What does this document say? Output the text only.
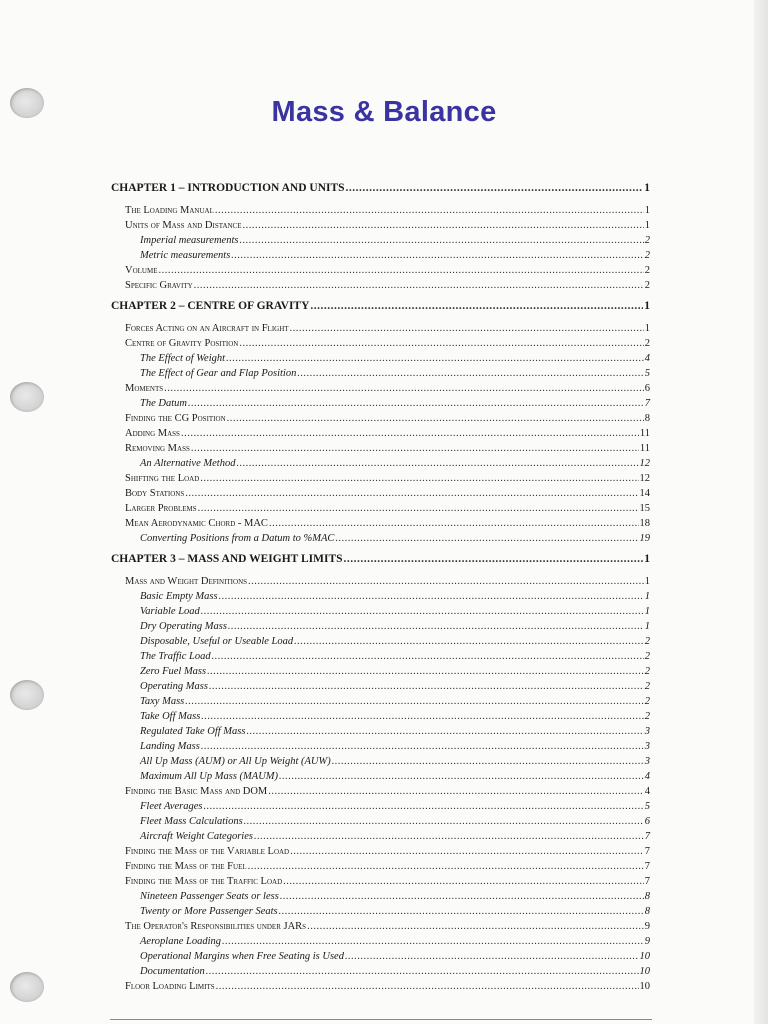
Mass & Balance
CHAPTER 1 – INTRODUCTION AND UNITS .....	1
The Loading Manual .....	1
Units of Mass and Distance .....	1
Imperial measurements .....	2
Metric measurements .....	2
Volume .....	2
Specific Gravity .....	2
CHAPTER 2 – CENTRE OF GRAVITY .....	1
Forces Acting on an Aircraft in Flight .....	1
Centre of Gravity Position .....	2
The Effect of Weight .....	4
The Effect of Gear and Flap Position .....	5
Moments .....	6
The Datum .....	7
Finding the CG Position .....	8
Adding Mass .....	11
Removing Mass .....	11
An Alternative Method .....	12
Shifting the Load .....	12
Body Stations .....	14
Larger Problems .....	15
Mean Aerodynamic Chord - MAC .....	18
Converting Positions from a Datum to %MAC .....	19
CHAPTER 3 – MASS AND WEIGHT LIMITS .....	1
Mass and Weight Definitions .....	1
Basic Empty Mass .....	1
Variable Load .....	1
Dry Operating Mass .....	1
Disposable, Useful or Useable Load .....	2
The Traffic Load .....	2
Zero Fuel Mass .....	2
Operating Mass .....	2
Taxy Mass .....	2
Take Off Mass .....	2
Regulated Take Off Mass .....	3
Landing Mass .....	3
All Up Mass (AUM) or All Up Weight (AUW) .....	3
Maximum All Up Mass (MAUM) .....	4
Finding the Basic Mass and DOM .....	4
Fleet Averages .....	5
Fleet Mass Calculations .....	6
Aircraft Weight Categories .....	7
Finding the Mass of the Variable Load .....	7
Finding the Mass of the Fuel .....	7
Finding the Mass of the Traffic Load .....	7
Nineteen Passenger Seats or less .....	8
Twenty or More Passenger Seats .....	8
The Operator's Responsibilities under JARs .....	9
Aeroplane Loading .....	9
Operational Margins when Free Seating is Used .....	10
Documentation .....	10
Floor Loading Limits .....	10
